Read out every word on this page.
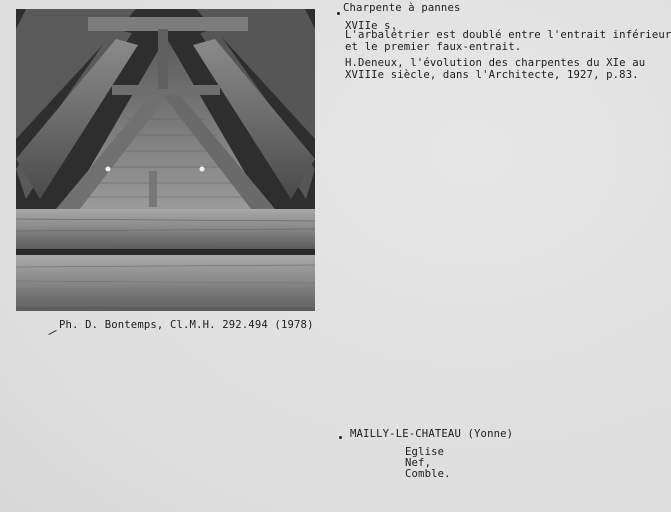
Charpente à pannes
XVIIe s.
L'arbalétrier est doublé entre l'entrait inférieur
et le premier faux-entrait.
H.Deneux, l'évolution des charpentes du XIe au
XVIIIe siècle, dans l'Architecte, 1927, p.83.
Ph. D. Bontemps, Cl.M.H. 292.494 (1978)
MAILLY-LE-CHATEAU (Yonne)
Eglise
Nef,
Comble.
